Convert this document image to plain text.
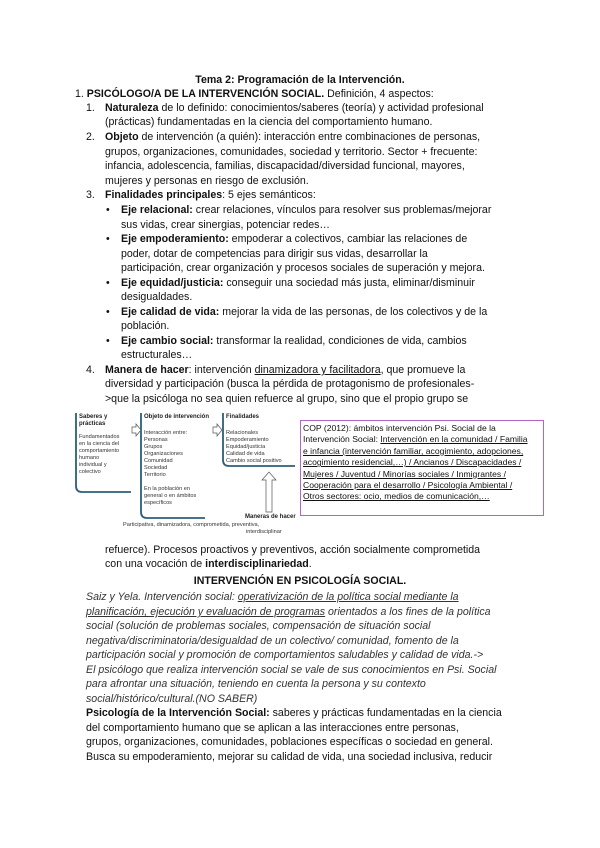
Tema 2: Programación de la Intervención.
1. PSICÓLOGO/A DE LA INTERVENCIÓN SOCIAL. Definición, 4 aspectos:
1. Naturaleza de lo definido: conocimientos/saberes (teoría) y actividad profesional
(prácticas) fundamentadas en la ciencia del comportamiento humano.
2. Objeto de intervención (a quién): interacción entre combinaciones de personas,
grupos, organizaciones, comunidades, sociedad y territorio. Sector + frecuente:
infancia, adolescencia, familias, discapacidad/diversidad funcional, mayores,
mujeres y personas en riesgo de exclusión.
3. Finalidades principales: 5 ejes semánticos:
• Eje relacional: crear relaciones, vínculos para resolver sus problemas/mejorar
sus vidas, crear sinergias, potenciar redes…
• Eje empoderamiento: empoderar a colectivos, cambiar las relaciones de
poder, dotar de competencias para dirigir sus vidas, desarrollar la
participación, crear organización y procesos sociales de superación y mejora.
• Eje equidad/justicia: conseguir una sociedad más justa, eliminar/disminuir
desigualdades.
• Eje calidad de vida: mejorar la vida de las personas, de los colectivos y de la
población.
• Eje cambio social: transformar la realidad, condiciones de vida, cambios
estructurales…
4. Manera de hacer: intervención dinamizadora y facilitadora, que promueve la
diversidad y participación (busca la pérdida de protagonismo de profesionales-
>que la psicóloga no sea quien refuerce al grupo, sino que el propio grupo se
Saberes y
prácticas
Fundamentados
en la ciencia del
comportamiento
humano
individual y
colectivo
Objeto de intervención
Interacción entre:
Personas
Grupos
Organizaciones
Comunidad
Sociedad
Territorio
En la población en
general o en ámbitos
específicos
Finalidades
Relacionales
Empoderamiento
Equidad/justicia
Calidad de vida
Cambio social positivo
Maneras de hacer
Participativa, dinamizadora, comprometida, preventiva,
interdisciplinar
COP (2012): ámbitos intervención Psi. Social de la
Intervención Social: Intervención en la comunidad / Familia
e infancia (intervención familiar, acogimiento, adopciones,
acogimiento residencial,…) / Ancianos / Discapacidades /
Mujeres / Juventud / Minorías sociales / Inmigrantes /
Cooperación para el desarrollo / Psicología Ambiental /
Otros sectores: ocio, medios de comunicación,…
refuerce). Procesos proactivos y preventivos, acción socialmente comprometida
con una vocación de interdisciplinariedad.
INTERVENCIÓN EN PSICOLOGÍA SOCIAL.
Saiz y Yela. Intervención social: operativización de la política social mediante la
planificación, ejecución y evaluación de programas orientados a los fines de la política
social (solución de problemas sociales, compensación de situación social
negativa/discriminatoria/desigualdad de un colectivo/ comunidad, fomento de la
participación social y promoción de comportamientos saludables y calidad de vida.->
El psicólogo que realiza intervención social se vale de sus conocimientos en Psi. Social
para afrontar una situación, teniendo en cuenta la persona y su contexto
social/histórico/cultural.(NO SABER)
Psicología de la Intervención Social: saberes y prácticas fundamentadas en la ciencia
del comportamiento humano que se aplican a las interacciones entre personas,
grupos, organizaciones, comunidades, poblaciones específicas o sociedad en general.
Busca su empoderamiento, mejorar su calidad de vida, una sociedad inclusiva, reducir
